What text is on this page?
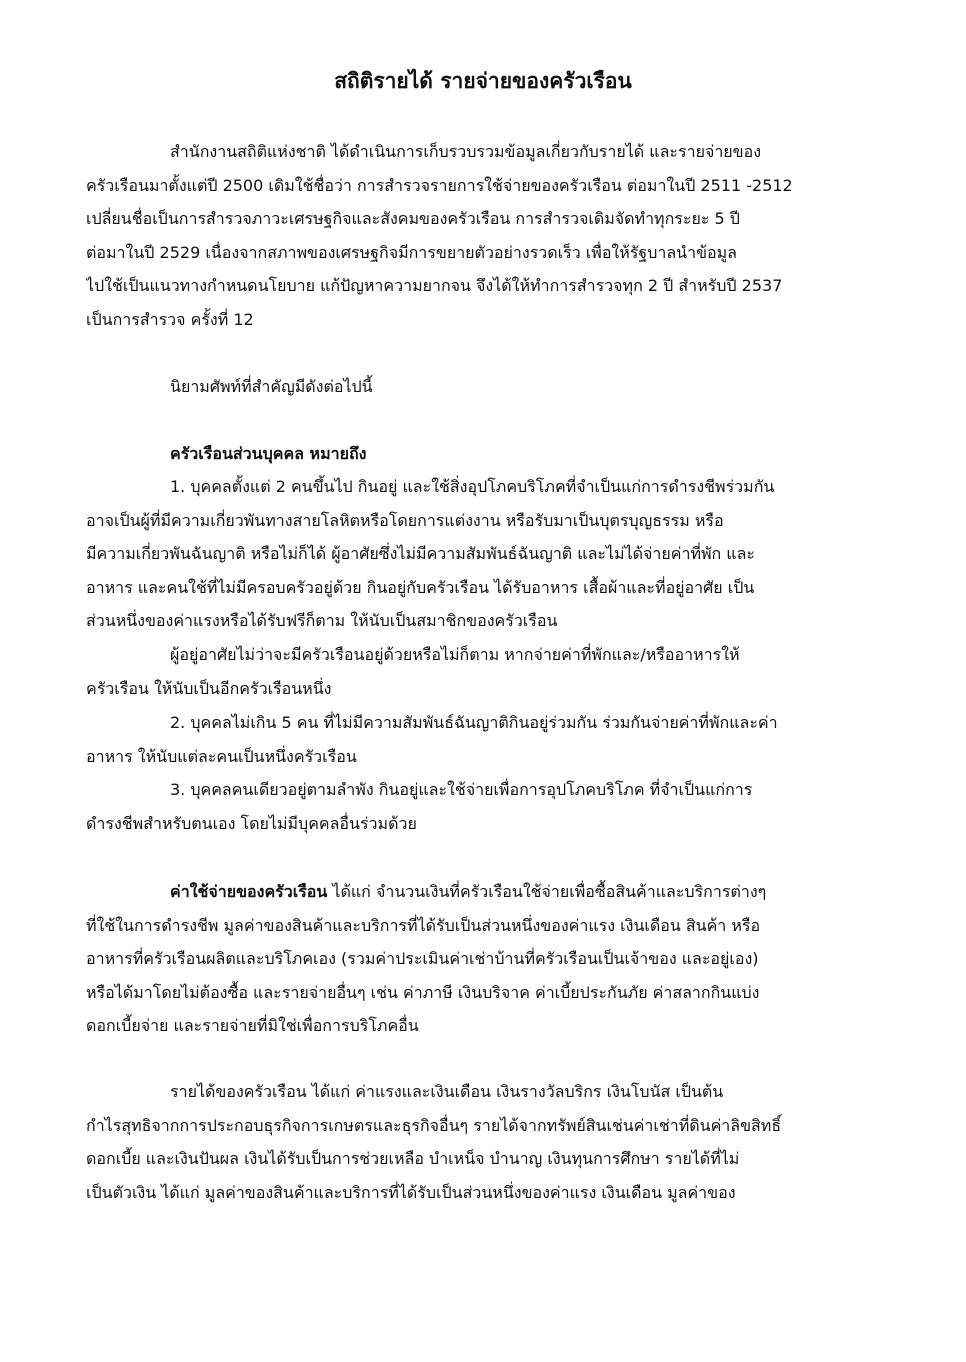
สถิติรายได้ รายจ่ายของครัวเรือน
สำนักงานสถิติแห่งชาติ ได้ดำเนินการเก็บรวบรวมข้อมูลเกี่ยวกับรายได้ และรายจ่ายของ
ครัวเรือนมาตั้งแต่ปี 2500 เดิมใช้ชื่อว่า การสำรวจรายการใช้จ่ายของครัวเรือน ต่อมาในปี 2511 -2512
เปลี่ยนชื่อเป็นการสำรวจภาวะเศรษฐกิจและสังคมของครัวเรือน การสำรวจเดิมจัดทำทุกระยะ 5 ปี
ต่อมาในปี 2529 เนื่องจากสภาพของเศรษฐกิจมีการขยายตัวอย่างรวดเร็ว เพื่อให้รัฐบาลนำข้อมูล
ไปใช้เป็นแนวทางกำหนดนโยบาย แก้ปัญหาความยากจน จึงได้ให้ทำการสำรวจทุก 2 ปี สำหรับปี 2537
เป็นการสำรวจ ครั้งที่ 12
นิยามศัพท์ที่สำคัญมีดังต่อไปนี้
ครัวเรือนส่วนบุคคล หมายถึง
1. บุคคลตั้งแต่ 2 คนขึ้นไป กินอยู่ และใช้สิ่งอุปโภคบริโภคที่จำเป็นแก่การดำรงชีพร่วมกัน
อาจเป็นผู้ที่มีความเกี่ยวพันทางสายโลหิตหรือโดยการแต่งงาน หรือรับมาเป็นบุตรบุญธรรม หรือ
มีความเกี่ยวพันฉันญาติ หรือไม่ก็ได้ ผู้อาศัยซึ่งไม่มีความสัมพันธ์ฉันญาติ และไม่ได้จ่ายค่าที่พัก และ
อาหาร และคนใช้ที่ไม่มีครอบครัวอยู่ด้วย กินอยู่กับครัวเรือน ได้รับอาหาร เสื้อผ้าและที่อยู่อาศัย เป็น
ส่วนหนึ่งของค่าแรงหรือได้รับฟรีก็ตาม ให้นับเป็นสมาชิกของครัวเรือน
ผู้อยู่อาศัยไม่ว่าจะมีครัวเรือนอยู่ด้วยหรือไม่ก็ตาม หากจ่ายค่าที่พักและ/หรืออาหารให้
ครัวเรือน ให้นับเป็นอีกครัวเรือนหนึ่ง
2. บุคคลไม่เกิน 5 คน ที่ไม่มีความสัมพันธ์ฉันญาติกินอยู่ร่วมกัน ร่วมกันจ่ายค่าที่พักและค่า
อาหาร ให้นับแต่ละคนเป็นหนึ่งครัวเรือน
3. บุคคลคนเดียวอยู่ตามลำพัง กินอยู่และใช้จ่ายเพื่อการอุปโภคบริโภค ที่จำเป็นแก่การ
ดำรงชีพสำหรับตนเอง โดยไม่มีบุคคลอื่นร่วมด้วย
ค่าใช้จ่ายของครัวเรือน ได้แก่ จำนวนเงินที่ครัวเรือนใช้จ่ายเพื่อซื้อสินค้าและบริการต่างๆ
ที่ใช้ในการดำรงชีพ มูลค่าของสินค้าและบริการที่ได้รับเป็นส่วนหนึ่งของค่าแรง เงินเดือน สินค้า หรือ
อาหารที่ครัวเรือนผลิตและบริโภคเอง (รวมค่าประเมินค่าเช่าบ้านที่ครัวเรือนเป็นเจ้าของ และอยู่เอง)
หรือได้มาโดยไม่ต้องซื้อ และรายจ่ายอื่นๆ เช่น ค่าภาษี เงินบริจาค ค่าเบี้ยประกันภัย ค่าสลากกินแบ่ง
ดอกเบี้ยจ่าย และรายจ่ายที่มิใช่เพื่อการบริโภคอื่น
รายได้ของครัวเรือน ได้แก่ ค่าแรงและเงินเดือน เงินรางวัลบริกร เงินโบนัส เป็นต้น
กำไรสุทธิจากการประกอบธุรกิจการเกษตรและธุรกิจอื่นๆ รายได้จากทรัพย์สินเช่นค่าเช่าที่ดินค่าลิขสิทธิ์
ดอกเบี้ย และเงินปันผล เงินได้รับเป็นการช่วยเหลือ บำเหน็จ บำนาญ เงินทุนการศึกษา รายได้ที่ไม่
เป็นตัวเงิน ได้แก่ มูลค่าของสินค้าและบริการที่ได้รับเป็นส่วนหนึ่งของค่าแรง เงินเดือน มูลค่าของ
